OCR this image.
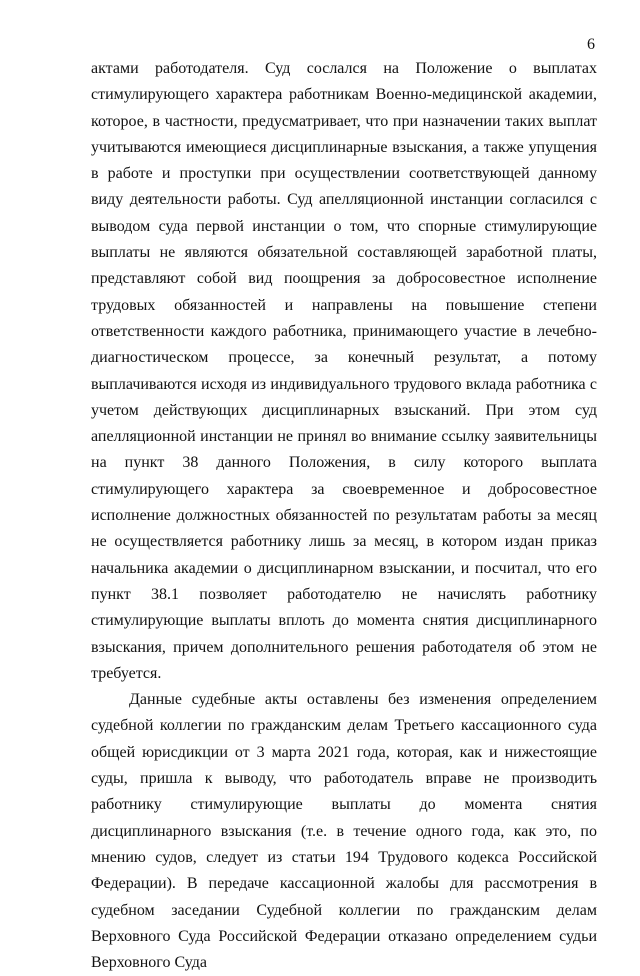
6

актами работодателя. Суд сослался на Положение о выплатах стимулирующего характера работникам Военно-медицинской академии, которое, в частности, предусматривает, что при назначении таких выплат учитываются имеющиеся дисциплинарные взыскания, а также упущения в работе и проступки при осуществлении соответствующей данному виду деятельности работы. Суд апелляционной инстанции согласился с выводом суда первой инстанции о том, что спорные стимулирующие выплаты не являются обязательной составляющей заработной платы, представляют собой вид поощрения за добросовестное исполнение трудовых обязанностей и направлены на повышение степени ответственности каждого работника, принимающего участие в лечебно-диагностическом процессе, за конечный результат, а потому выплачиваются исходя из индивидуального трудового вклада работника с учетом действующих дисциплинарных взысканий. При этом суд апелляционной инстанции не принял во внимание ссылку заявительницы на пункт 38 данного Положения, в силу которого выплата стимулирующего характера за своевременное и добросовестное исполнение должностных обязанностей по результатам работы за месяц не осуществляется работнику лишь за месяц, в котором издан приказ начальника академии о дисциплинарном взыскании, и посчитал, что его пункт 38.1 позволяет работодателю не начислять работнику стимулирующие выплаты вплоть до момента снятия дисциплинарного взыскания, причем дополнительного решения работодателя об этом не требуется.

Данные судебные акты оставлены без изменения определением судебной коллегии по гражданским делам Третьего кассационного суда общей юрисдикции от 3 марта 2021 года, которая, как и нижестоящие суды, пришла к выводу, что работодатель вправе не производить работнику стимулирующие выплаты до момента снятия дисциплинарного взыскания (т.е. в течение одного года, как это, по мнению судов, следует из статьи 194 Трудового кодекса Российской Федерации). В передаче кассационной жалобы для рассмотрения в судебном заседании Судебной коллегии по гражданским делам Верховного Суда Российской Федерации отказано определением судьи Верховного Суда
